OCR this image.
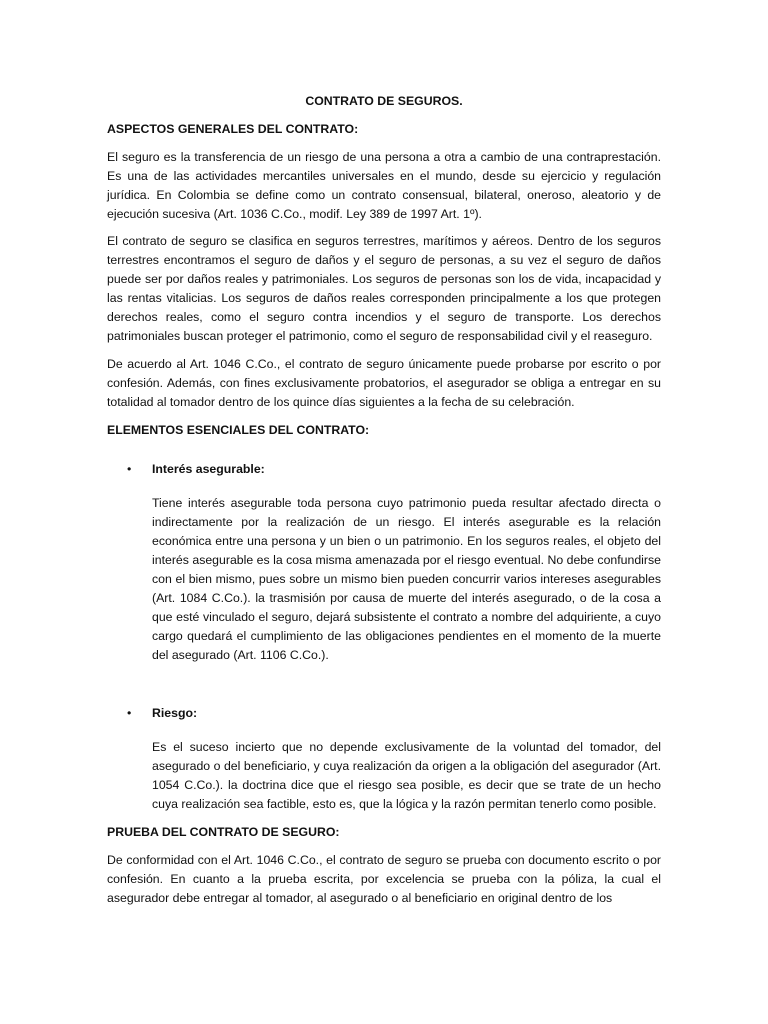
CONTRATO DE SEGUROS.
ASPECTOS GENERALES DEL CONTRATO:

El seguro es la transferencia de un riesgo de una persona a otra a cambio de una contraprestación. Es una de las actividades mercantiles universales en el mundo, desde su ejercicio y regulación jurídica. En Colombia se define como un contrato consensual, bilateral, oneroso, aleatorio y de ejecución sucesiva (Art. 1036 C.Co., modif. Ley 389 de 1997 Art. 1º).

El contrato de seguro se clasifica en seguros terrestres, marítimos y aéreos. Dentro de los seguros terrestres encontramos el seguro de daños y el seguro de personas, a su vez el seguro de daños puede ser por daños reales y patrimoniales. Los seguros de personas son los de vida, incapacidad y las rentas vitalicias. Los seguros de daños reales corresponden principalmente a los que protegen derechos reales, como el seguro contra incendios y el seguro de transporte. Los derechos patrimoniales buscan proteger el patrimonio, como el seguro de responsabilidad civil y el reaseguro.

De acuerdo al Art. 1046 C.Co., el contrato de seguro únicamente puede probarse por escrito o por confesión. Además, con fines exclusivamente probatorios, el asegurador se obliga a entregar en su totalidad al tomador dentro de los quince días siguientes a la fecha de su celebración.

ELEMENTOS ESENCIALES DEL CONTRATO:
• Interés asegurable:

Tiene interés asegurable toda persona cuyo patrimonio pueda resultar afectado directa o indirectamente por la realización de un riesgo. El interés asegurable es la relación económica entre una persona y un bien o un patrimonio. En los seguros reales, el objeto del interés asegurable es la cosa misma amenazada por el riesgo eventual. No debe confundirse con el bien mismo, pues sobre un mismo bien pueden concurrir varios intereses asegurables (Art. 1084 C.Co.). la trasmisión por causa de muerte del interés asegurado, o de la cosa a que esté vinculado el seguro, dejará subsistente el contrato a nombre del adquiriente, a cuyo cargo quedará el cumplimiento de las obligaciones pendientes en el momento de la muerte del asegurado (Art. 1106 C.Co.).

• Riesgo:

Es el suceso incierto que no depende exclusivamente de la voluntad del tomador, del asegurado o del beneficiario, y cuya realización da origen a la obligación del asegurador (Art. 1054 C.Co.). la doctrina dice que el riesgo sea posible, es decir que se trate de un hecho cuya realización sea factible, esto es, que la lógica y la razón permitan tenerlo como posible.

PRUEBA DEL CONTRATO DE SEGURO:

De conformidad con el Art. 1046 C.Co., el contrato de seguro se prueba con documento escrito o por confesión. En cuanto a la prueba escrita, por excelencia se prueba con la póliza, la cual el asegurador debe entregar al tomador, al asegurado o al beneficiario en original dentro de los
